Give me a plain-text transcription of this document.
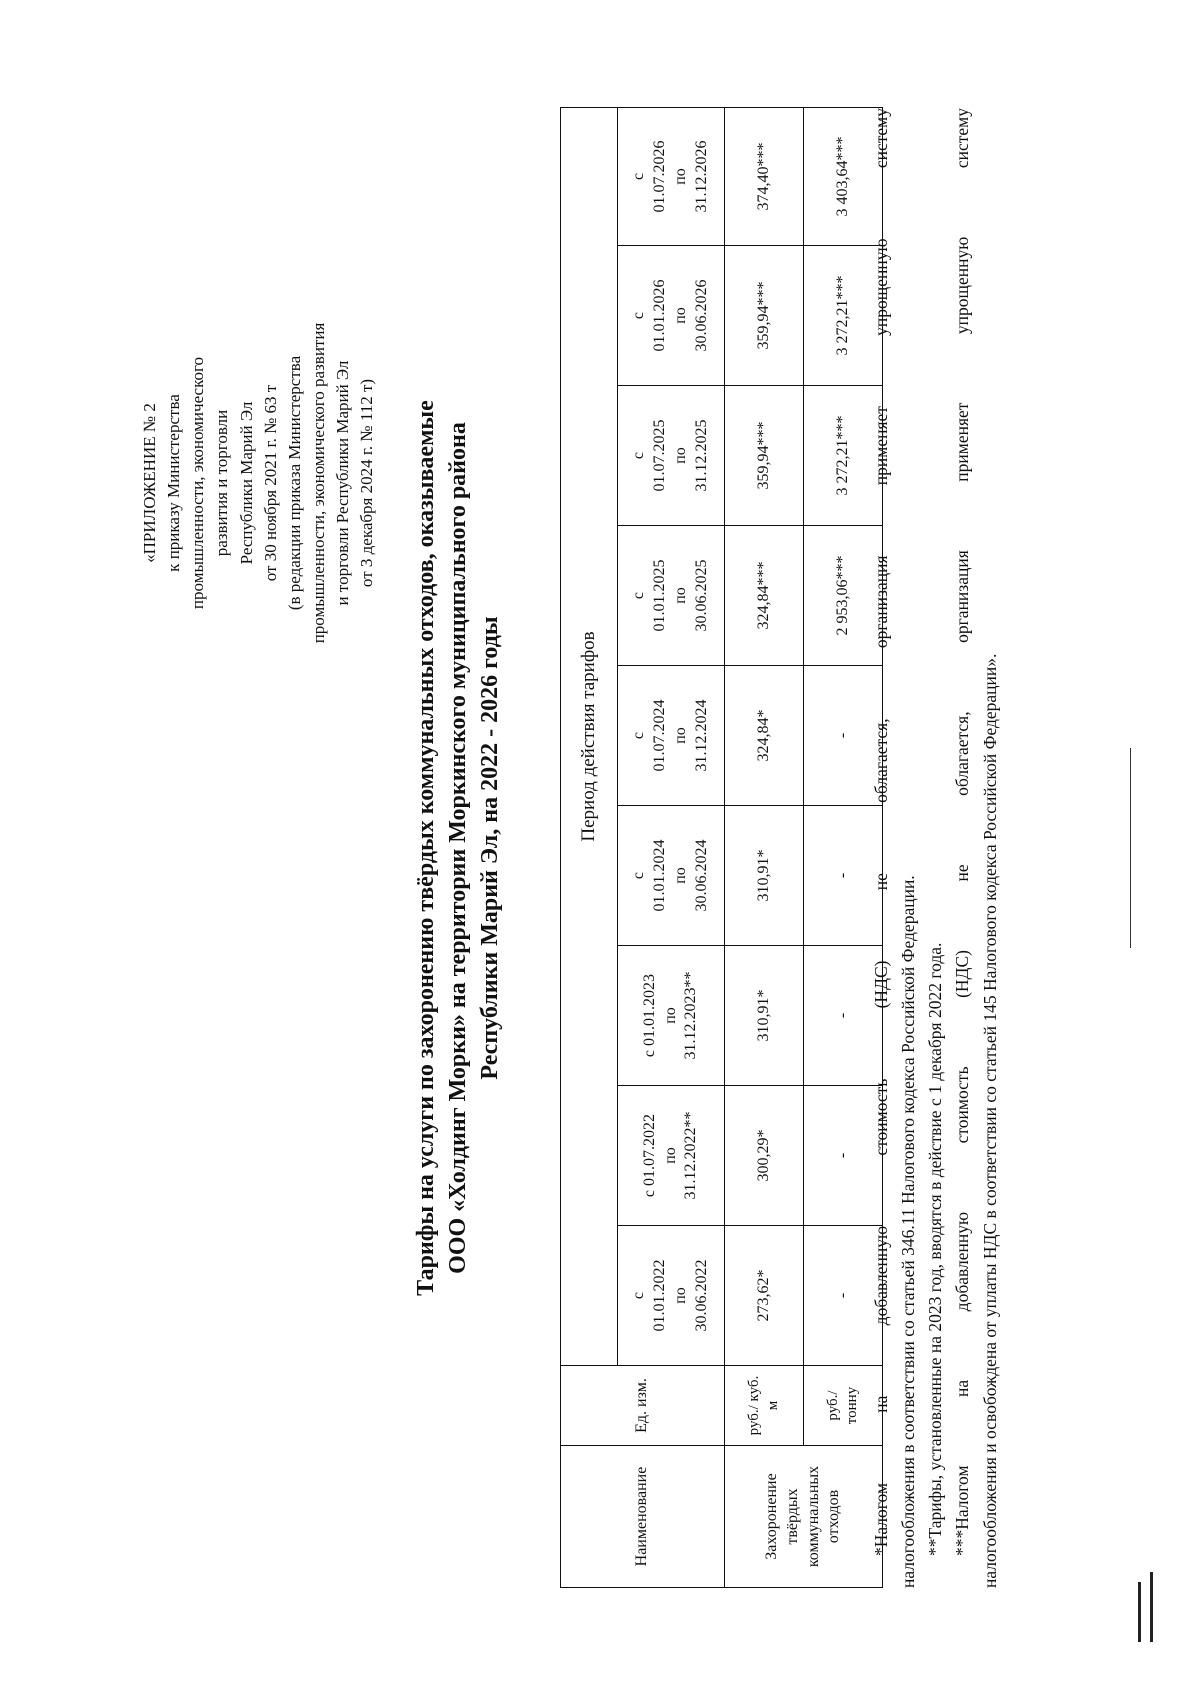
«ПРИЛОЖЕНИЕ № 2 к приказу Министерства промышленности, экономического развития и торговли Республики Марий Эл от 30 ноября 2021 г. № 63 т (в редакции приказа Министерства промышленности, экономического развития и торговли Республики Марий Эл от 3 декабря 2024 г. № 112 т) Тарифы на услуги по захоронению твёрдых коммунальных отходов, оказываемые ООО «Холдинг Морки» на территории Моркинского муниципального района Республики Марий Эл, на 2022 - 2026 годы
Наименование	Ед. изм.	Период действия тарифов								

		с 01.01.2022 по 30.06.2022	с 01.07.2022 по 31.12.2022**	с 01.01.2023 по 31.12.2023**	с 01.01.2024 по 30.06.2024	с 01.07.2024 по 31.12.2024	с 01.01.2025 по 30.06.2025	с 01.07.2025 по 31.12.2025	с 01.01.2026 по 30.06.2026	с 01.07.2026 по 31.12.2026

Захоронение твёрдых коммунальных отходов	руб./ куб. м	273,62*	300,29*	310,91*	310,91*	324,84*	324,84***	359,94***	359,94***	374,40***
	руб./ тонну	-	-	-	-	-	2 953,06***	3 272,21***	3 272,21***	3 403,64*** *Налогом на добавленную стоимость (НДС) не облагается, организация применяет упрощенную систему налогообложения в соответствии со статьей 346.11 Налогового кодекса Российской Федерации. **Тарифы, установленные на 2023 год, вводятся в действие с 1 декабря 2022 года. ***Налогом на добавленную стоимость (НДС) не облагается, организация применяет упрощенную систему налогообложения и освобождена от уплаты НДС в соответствии со статьей 145 Налогового кодекса Российской Федерации».
